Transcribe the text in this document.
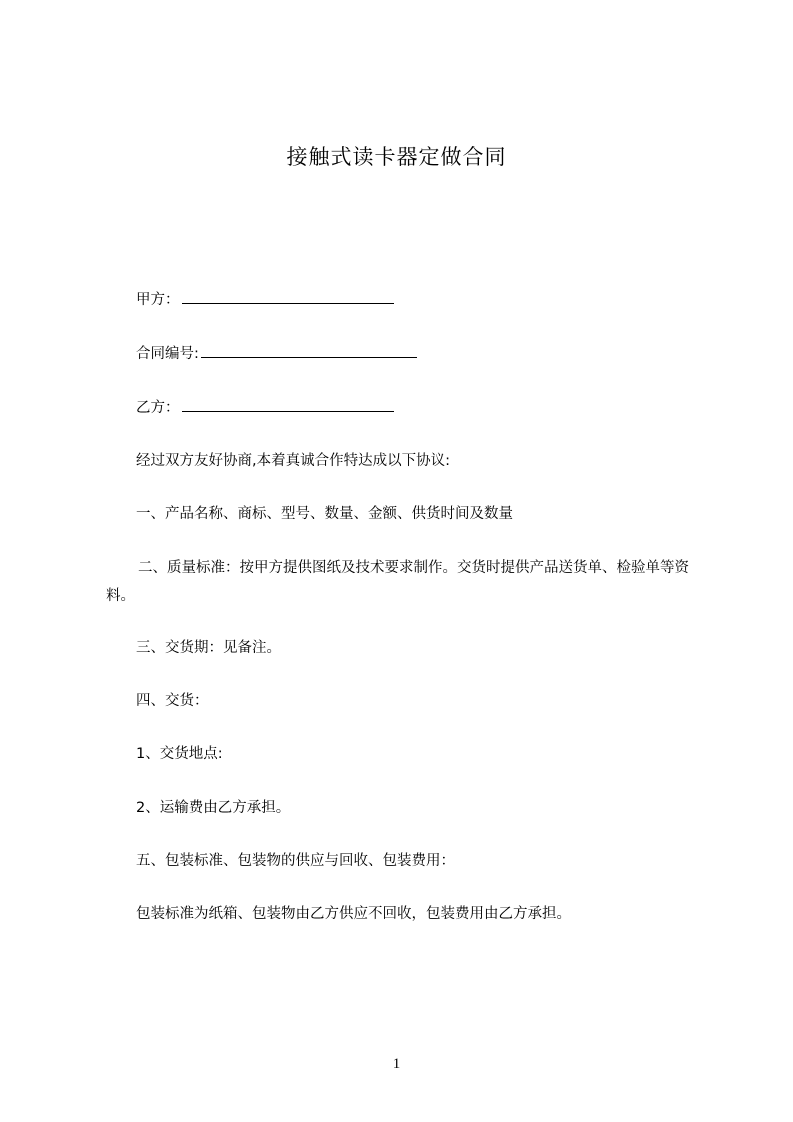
接触式读卡器定做合同
甲方：
合同编号:
乙方：
经过双方友好协商,本着真诚合作特达成以下协议:
一、产品名称、商标、型号、数量、金额、供货时间及数量
二、质量标准：按甲方提供图纸及技术要求制作。交货时提供产品送货单、检验单等资料。
三、交货期：见备注。
四、交货：
1、交货地点:
2、运输费由乙方承担。
五、包装标准、包装物的供应与回收、包装费用：
包装标准为纸箱、包装物由乙方供应不回收，包装费用由乙方承担。
1
